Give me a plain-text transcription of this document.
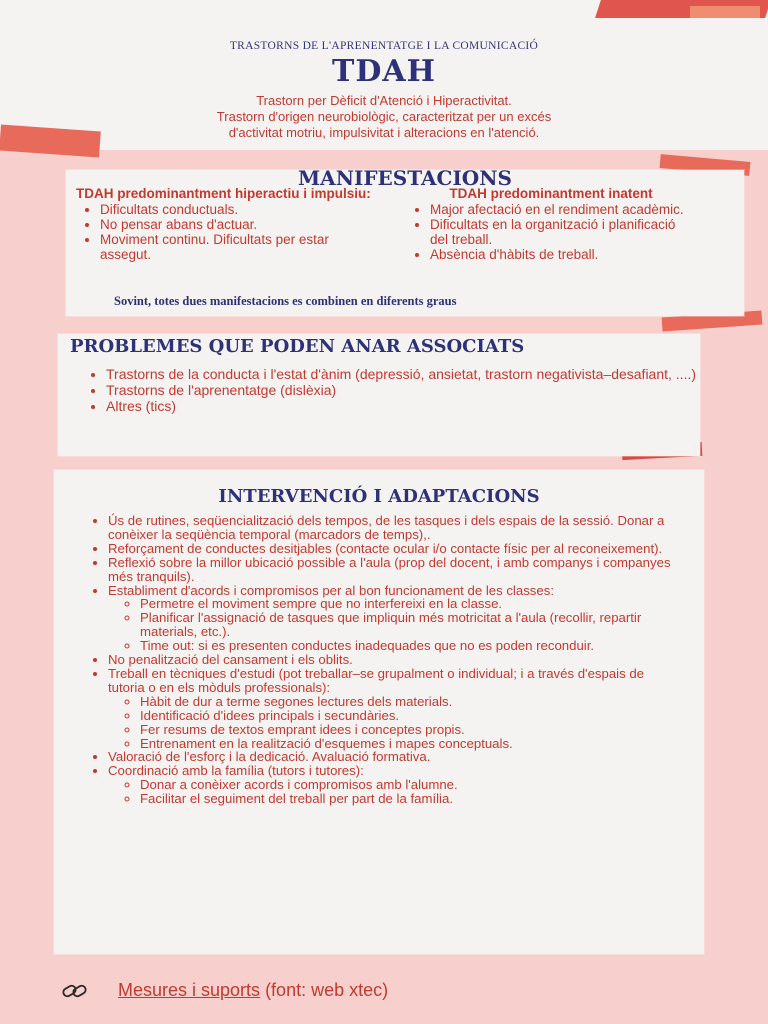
TRASTORNS DE L'APRENENTATGE I LA COMUNICACIÓ

TDAH

Trastorn per Dèficit d'Atenció i Hiperactivitat.
Trastorn d'origen neurobiològic, caracteritzat per un excés
d'activitat motriu, impulsivitat i alteracions en l'atenció.

MANIFESTACIONS

TDAH predominantment hiperactiu i impulsiu:

• Dificultats conductuals.
• No pensar abans d'actuar.
• Moviment continu. Dificultats per estar assegut.

TDAH predominantment inatent

• Major afectació en el rendiment acadèmic.
• Dificultats en la organització i planificació del treball.
• Absència d'hàbits de treball.
Sovint, totes dues manifestacions es combinen en diferents graus
PROBLEMES QUE PODEN ANAR ASSOCIATS
• Trastorns de la conducta i l'estat d'ànim (depressió, ansietat, trastorn negativista–desafiant, ....)
• Trastorns de l'aprenentatge (dislèxia)
• Altres (tics)
INTERVENCIÓ I ADAPTACIONS
• Ús de rutines, seqüencialització dels tempos, de les tasques i dels espais de la sessió. Donar a conèixer la seqüència temporal (marcadors de temps),.
• Reforçament de conductes desitjables (contacte ocular i/o contacte físic per al reconeixement).
• Reflexió sobre la millor ubicació possible a l'aula (prop del docent, i amb companys i companyes més tranquils).
• Establiment d'acords i compromisos per al bon funcionament de les classes:
◦ Permetre el moviment sempre que no interfereixi en la classe.
◦ Planificar l'assignació de tasques que impliquin més motricitat a l'aula (recollir, repartir materials, etc.).
◦ Time out: si es presenten conductes inadequades que no es poden reconduir.
• No penalització del cansament i els oblits.
• Treball en tècniques d'estudi (pot treballar–se grupalment o individual; i a través d'espais de tutoria o en els mòduls professionals):
◦ Hàbit de dur a terme segones lectures dels materials.
◦ Identificació d'idees principals i secundàries.
◦ Fer resums de textos emprant idees i conceptes propis.
◦ Entrenament en la realització d'esquemes i mapes conceptuals.
• Valoració de l'esforç i la dedicació. Avaluació formativa.
• Coordinació amb la família (tutors i tutores):
◦ Donar a conèixer acords i compromisos amb l'alumne.
◦ Facilitar el seguiment del treball per part de la família.
Mesures i suports (font: web xtec)
